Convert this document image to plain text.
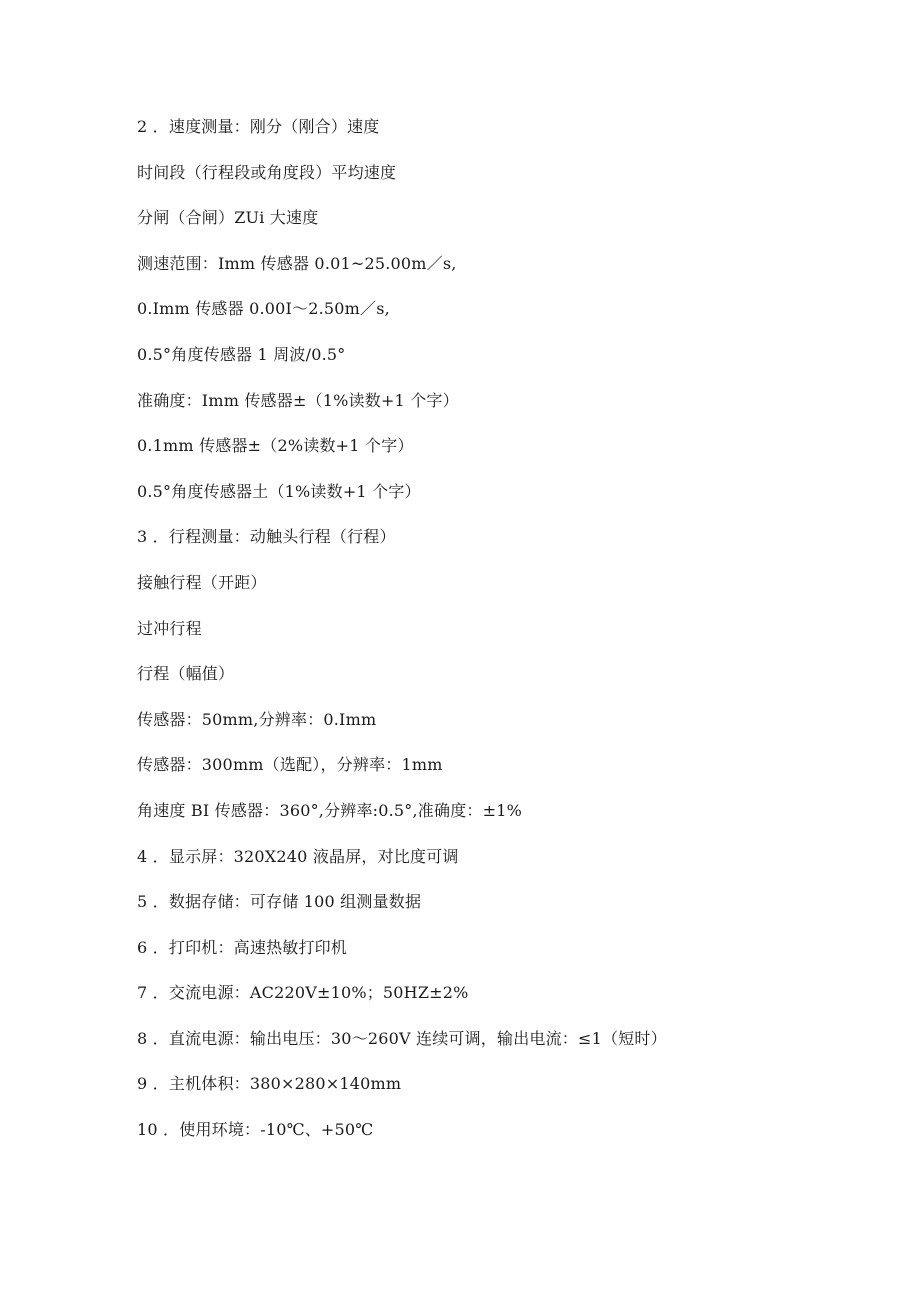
2 ．速度测量：刚分（刚合）速度
时间段（行程段或角度段）平均速度
分闸（合闸）ZUi 大速度
测速范围：Imm 传感器 0.01~25.00m／s,
0.Imm 传感器 0.00I～2.50m／s,
0.5°角度传感器 1 周波/0.5°
准确度：Imm 传感器±（1%读数+1 个字）
0.1mm 传感器±（2%读数+1 个字）
0.5°角度传感器土（1%读数+1 个字）
3 ．行程测量：动触头行程（行程）
接触行程（开距）
过冲行程
行程（幅值）
传感器：50mm,分辨率：0.Imm
传感器：300mm（选配），分辨率：1mm
角速度 BI 传感器：360°,分辨率:0.5°,准确度：±1%
4 ．显示屏：320X240 液晶屏，对比度可调
5 ．数据存储：可存储 100 组测量数据
6 ．打印机：高速热敏打印机
7 ．交流电源：AC220V±10%；50HZ±2%
8 ．直流电源：输出电压：30～260V 连续可调，输出电流：≤1（短时）
9 ．主机体积：380×280×140mm
10 ．使用环境：-10℃、+50℃
